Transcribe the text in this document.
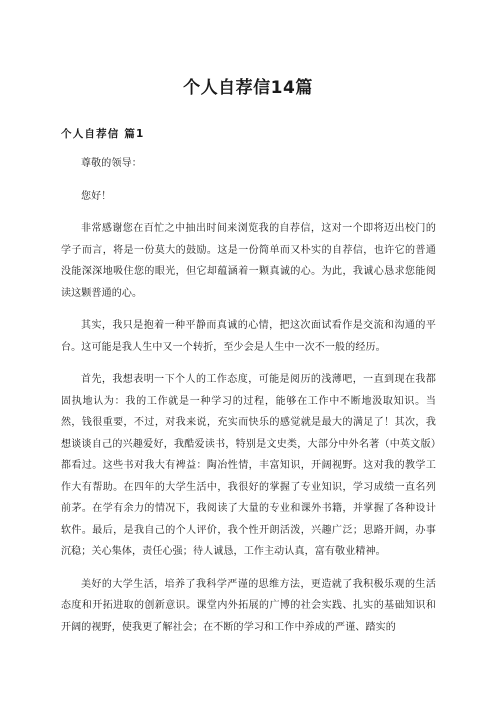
个人自荐信14篇
个人自荐信 篇1

尊敬的领导：

您好！

非常感谢您在百忙之中抽出时间来浏览我的自荐信，这对一个即将迈出校门的学子而言，将是一份莫大的鼓励。这是一份简单而又朴实的自荐信，也许它的普通没能深深地吸住您的眼光，但它却蕴涵着一颗真诚的心。为此，我诚心恳求您能阅读这颗普通的心。

其实，我只是抱着一种平静而真诚的心情，把这次面试看作是交流和沟通的平台。这可能是我人生中又一个转折，至少会是人生中一次不一般的经历。

首先，我想表明一下个人的工作态度，可能是阅历的浅薄吧，一直到现在我都固执地认为：我的工作就是一种学习的过程，能够在工作中不断地汲取知识。当然，钱很重要，不过，对我来说，充实而快乐的感觉就是最大的满足了！其次，我想谈谈自己的兴趣爱好，我酷爱读书，特别是文史类，大部分中外名著（中英文版）都看过。这些书对我大有裨益：陶冶性情，丰富知识，开阔视野。这对我的教学工作大有帮助。在四年的大学生活中，我很好的掌握了专业知识，学习成绩一直名列前茅。在学有余力的情况下，我阅读了大量的专业和课外书籍，并掌握了各种设计软件。最后，是我自己的个人评价，我个性开朗活泼，兴趣广泛；思路开阔，办事沉稳；关心集体，责任心强；待人诚恳，工作主动认真，富有敬业精神。

美好的大学生活，培养了我科学严谨的思维方法，更造就了我积极乐观的生活态度和开拓进取的创新意识。课堂内外拓展的广博的社会实践、扎实的基础知识和开阔的视野，使我更了解社会；在不断的学习和工作中养成的严谨、踏实的
